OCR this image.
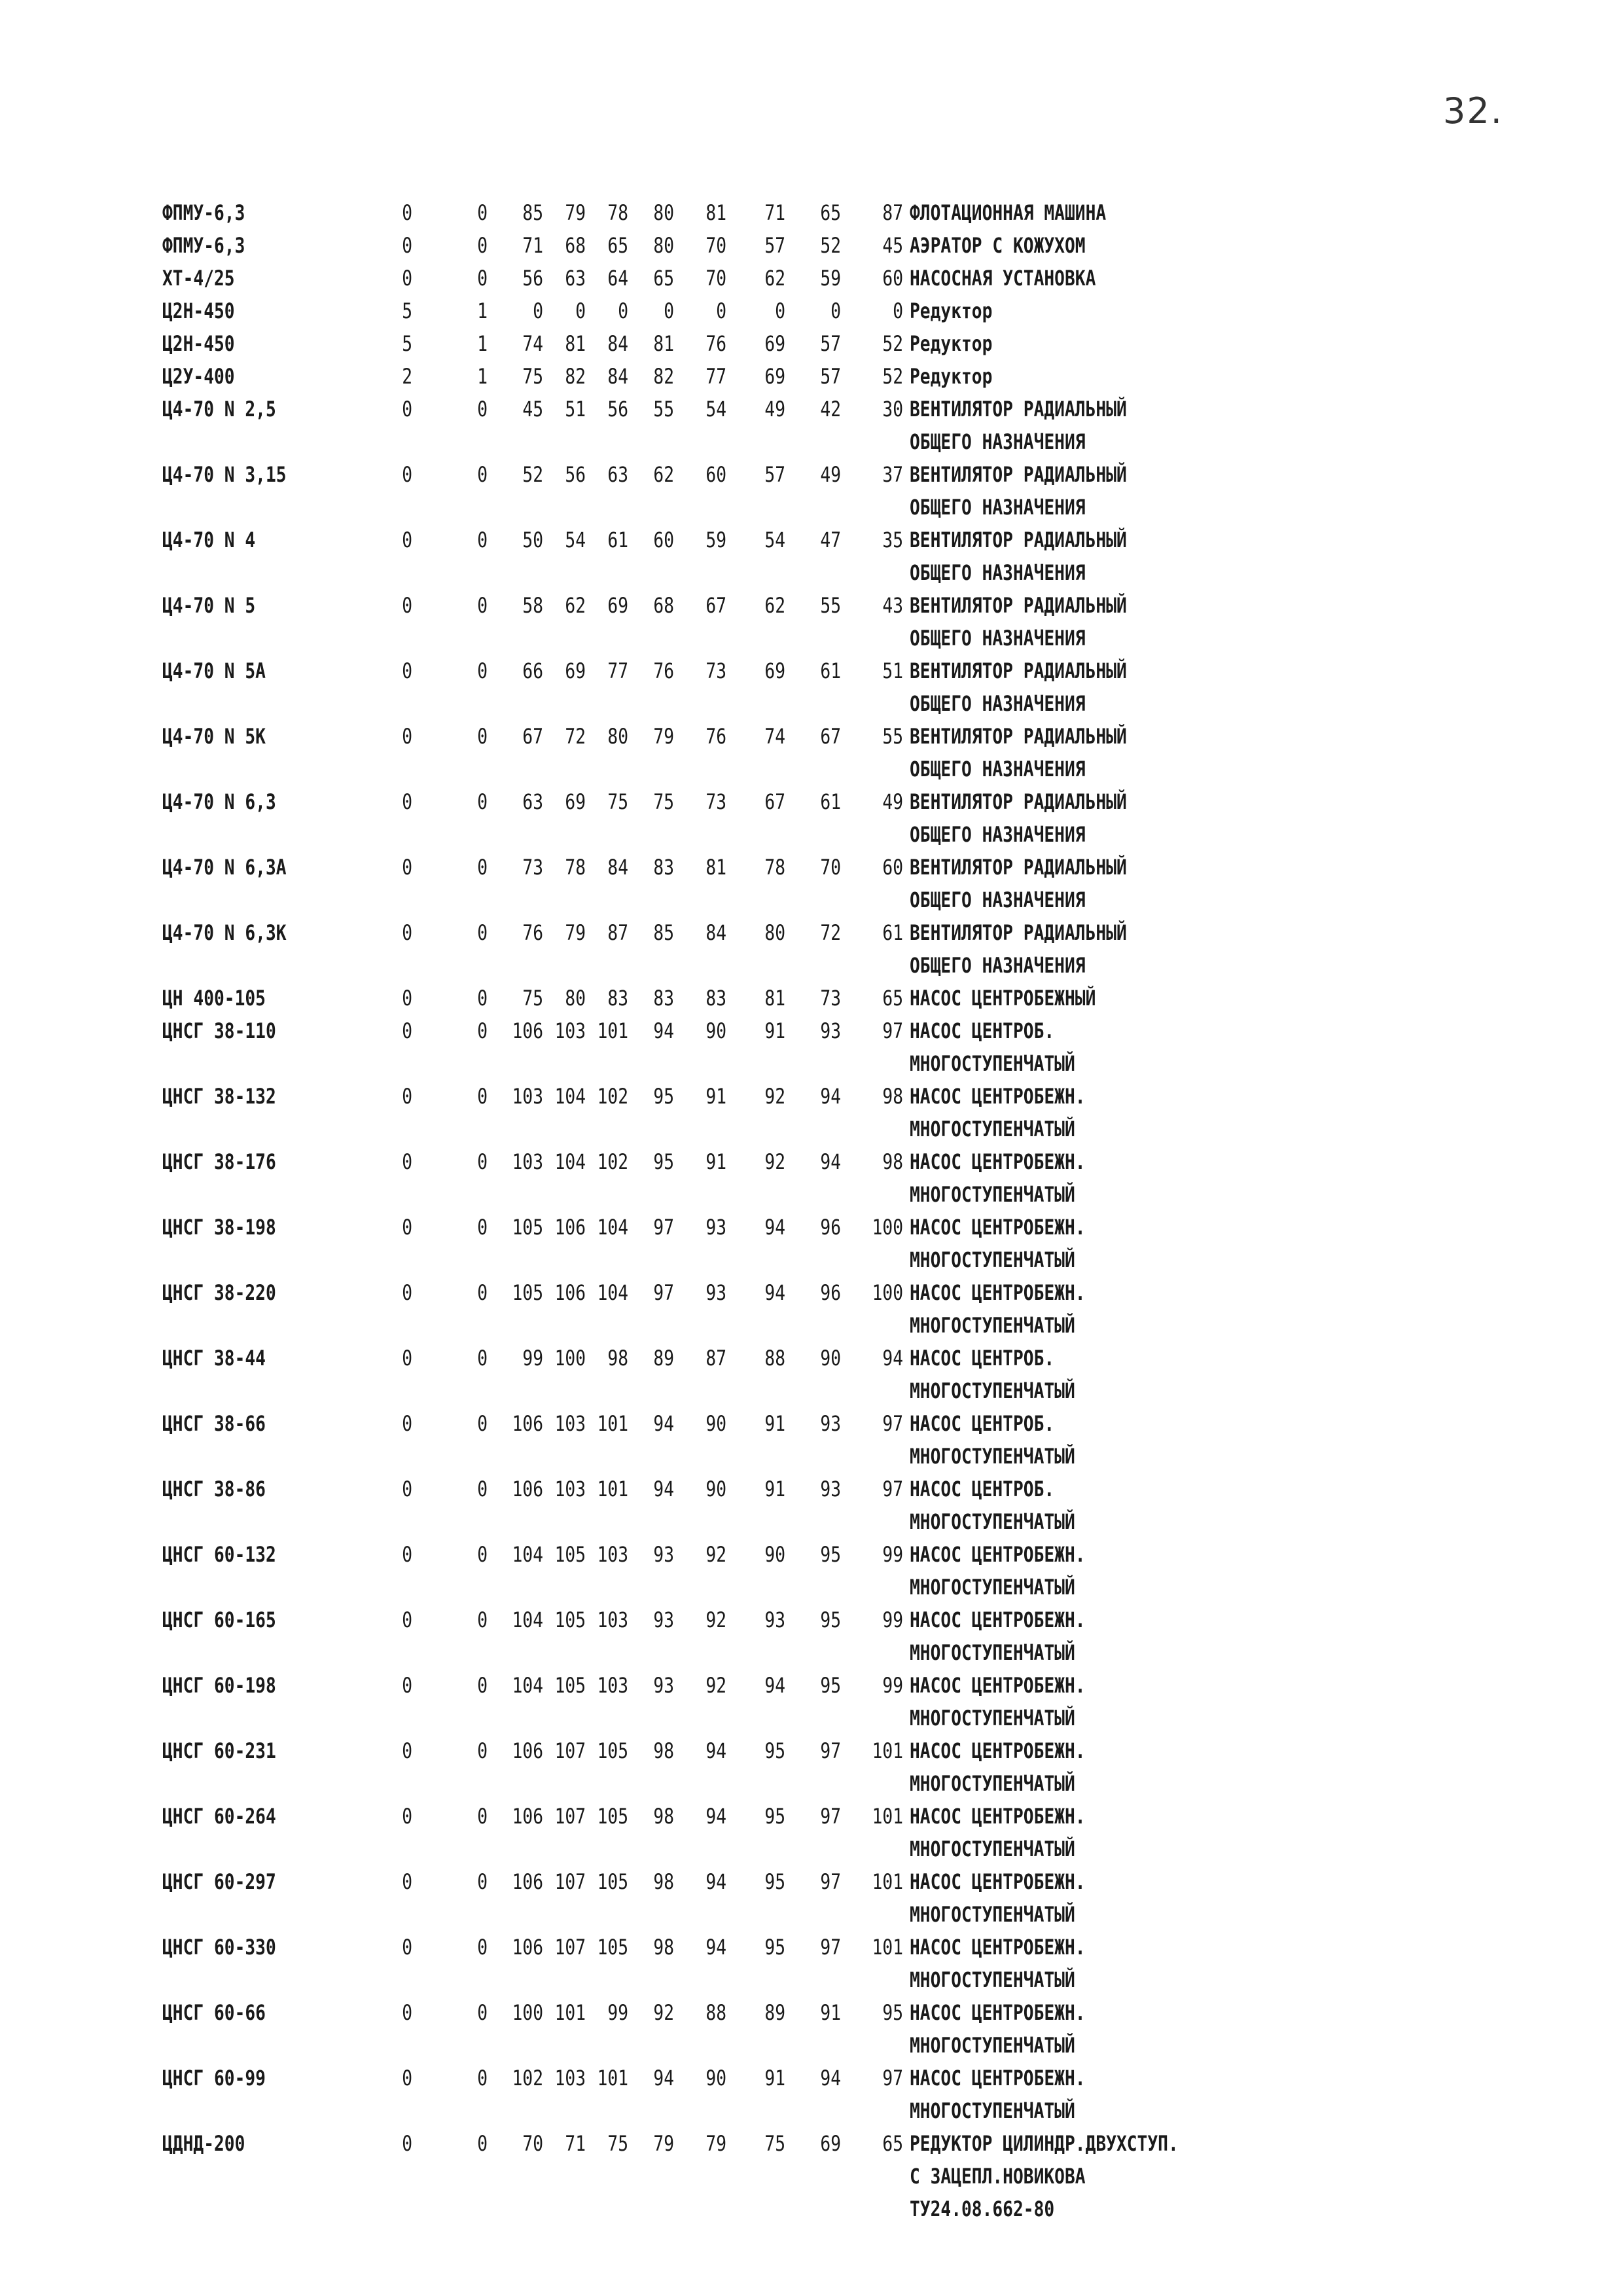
32.
ФПМУ-6,3	0	0	85	79	78	80	81	71	65	87 ФЛОТАЦИОННАЯ МАШИНА
ФПМУ-6,3	0	0	71	68	65	80	70	57	52	45 АЭРАТОР С КОЖУХОМ
XT-4/25	0	0	56	63	64	65	70	62	59	60 НАСОСНАЯ УСТАНОВКА
Ц2Н-450	5	1	0	0	0	0	0	0	0	0 Редуктор
Ц2Н-450	5	1	74	81	84	81	76	69	57	52 Редуктор
Ц2У-400	2	1	75	82	84	82	77	69	57	52 Редуктор
Ц4-70 N 2,5	0	0	45	51	56	55	54	49	42	30 ВЕНТИЛЯТОР РАДИАЛЬНЫЙ ОБЩЕГО НАЗНАЧЕНИЯ
Ц4-70 N 3,15	0	0	52	56	63	62	60	57	49	37 ВЕНТИЛЯТОР РАДИАЛЬНЫЙ ОБЩЕГО НАЗНАЧЕНИЯ
Ц4-70 N 4	0	0	50	54	61	60	59	54	47	35 ВЕНТИЛЯТОР РАДИАЛЬНЫЙ ОБЩЕГО НАЗНАЧЕНИЯ
Ц4-70 N 5	0	0	58	62	69	68	67	62	55	43 ВЕНТИЛЯТОР РАДИАЛЬНЫЙ ОБЩЕГО НАЗНАЧЕНИЯ
Ц4-70 N 5А	0	0	66	69	77	76	73	69	61	51 ВЕНТИЛЯТОР РАДИАЛЬНЫЙ ОБЩЕГО НАЗНАЧЕНИЯ
Ц4-70 N 5К	0	0	67	72	80	79	76	74	67	55 ВЕНТИЛЯТОР РАДИАЛЬНЫЙ ОБЩЕГО НАЗНАЧЕНИЯ
Ц4-70 N 6,3	0	0	63	69	75	75	73	67	61	49 ВЕНТИЛЯТОР РАДИАЛЬНЫЙ ОБЩЕГО НАЗНАЧЕНИЯ
Ц4-70 N 6,3А	0	0	73	78	84	83	81	78	70	60 ВЕНТИЛЯТОР РАДИАЛЬНЫЙ ОБЩЕГО НАЗНАЧЕНИЯ
Ц4-70 N 6,3К	0	0	76	79	87	85	84	80	72	61 ВЕНТИЛЯТОР РАДИАЛЬНЫЙ ОБЩЕГО НАЗНАЧЕНИЯ
ЦН 400-105	0	0	75	80	83	83	83	81	73	65 НАСОС ЦЕНТРОБЕЖНЫЙ
ЦНСГ 38-110	0	0 106 103 101	94	90	91	93	97 НАСОС ЦЕНТРОБ. МНОГОСТУПЕНЧАТЫЙ
ЦНСГ 38-132	0	0 103 104 102	95	91	92	94	98 НАСОС ЦЕНТРОБЕЖН. МНОГОСТУПЕНЧАТЫЙ
ЦНСГ 38-176	0	0 103 104 102	95	91	92	94	98 НАСОС ЦЕНТРОБЕЖН. МНОГОСТУПЕНЧАТЫЙ
ЦНСГ 38-198	0	0 105 106 104	97	93	94	96	100 НАСОС ЦЕНТРОБЕЖН. МНОГОСТУПЕНЧАТЫЙ
ЦНСГ 38-220	0	0 105 106 104	97	93	94	96	100 НАСОС ЦЕНТРОБЕЖН. МНОГОСТУПЕНЧАТЫЙ
ЦНСГ 38-44	0	0	99 100	98	89	87	88	90	94 НАСОС ЦЕНТРОБ. МНОГОСТУПЕНЧАТЫЙ
ЦНСГ 38-66	0	0 106 103 101	94	90	91	93	97 НАСОС ЦЕНТРОБ. МНОГОСТУПЕНЧАТЫЙ
ЦНСГ 38-86	0	0 106 103 101	94	90	91	93	97 НАСОС ЦЕНТРОБ. МНОГОСТУПЕНЧАТЫЙ
ЦНСГ 60-132	0	0 104 105 103	93	92	90	95	99 НАСОС ЦЕНТРОБЕЖН. МНОГОСТУПЕНЧАТЫЙ
ЦНСГ 60-165	0	0 104 105 103	93	92	93	95	99 НАСОС ЦЕНТРОБЕЖН. МНОГОСТУПЕНЧАТЫЙ
ЦНСГ 60-198	0	0 104 105 103	93	92	94	95	99 НАСОС ЦЕНТРОБЕЖН. МНОГОСТУПЕНЧАТЫЙ
ЦНСГ 60-231	0	0 106 107 105	98	94	95	97	101 НАСОС ЦЕНТРОБЕЖН. МНОГОСТУПЕНЧАТЫЙ
ЦНСГ 60-264	0	0 106 107 105	98	94	95	97	101 НАСОС ЦЕНТРОБЕЖН. МНОГОСТУПЕНЧАТЫЙ
ЦНСГ 60-297	0	0 106 107 105	98	94	95	97	101 НАСОС ЦЕНТРОБЕЖН. МНОГОСТУПЕНЧАТЫЙ
ЦНСГ 60-330	0	0 106 107 105	98	94	95	97	101 НАСОС ЦЕНТРОБЕЖН. МНОГОСТУПЕНЧАТЫЙ
ЦНСГ 60-66	0	0 100 101	99	92	88	89	91	95 НАСОС ЦЕНТРОБЕЖН. МНОГОСТУПЕНЧАТЫЙ
ЦНСГ 60-99	0	0 102 103 101	94	90	91	94	97 НАСОС ЦЕНТРОБЕЖН. МНОГОСТУПЕНЧАТЫЙ
ЦДНД-200	0	0	70	71	75	79	79	75	69	65 РЕДУКТОР ЦИЛИНДР.ДВУХСТУП. С ЗАЦЕПЛ.НОВИКОВА ТУ24.08.662-80
